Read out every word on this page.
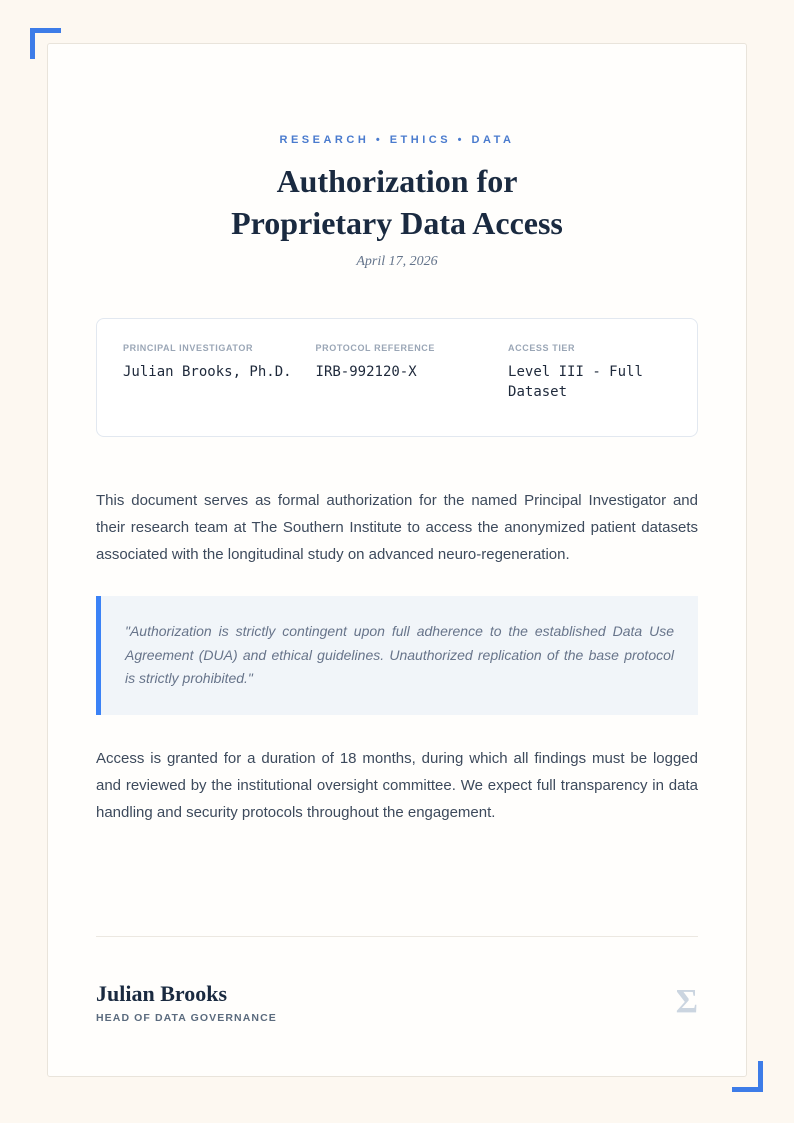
RESEARCH • ETHICS • DATA
Authorization for
Proprietary Data Access
April 17, 2026
PRINCIPAL INVESTIGATOR
Julian Brooks, Ph.D.
PROTOCOL REFERENCE
IRB-992120-X
ACCESS TIER
Level III - Full Dataset

This document serves as formal authorization for the named Principal Investigator and their research team at The Southern Institute to access the anonymized patient datasets associated with the longitudinal study on advanced neuro-regeneration.

"Authorization is strictly contingent upon full adherence to the established Data Use Agreement (DUA) and ethical guidelines. Unauthorized replication of the base protocol is strictly prohibited."

Access is granted for a duration of 18 months, during which all findings must be logged and reviewed by the institutional oversight committee. We expect full transparency in data handling and security protocols throughout the engagement.

Julian Brooks
HEAD OF DATA GOVERNANCE	Σ
